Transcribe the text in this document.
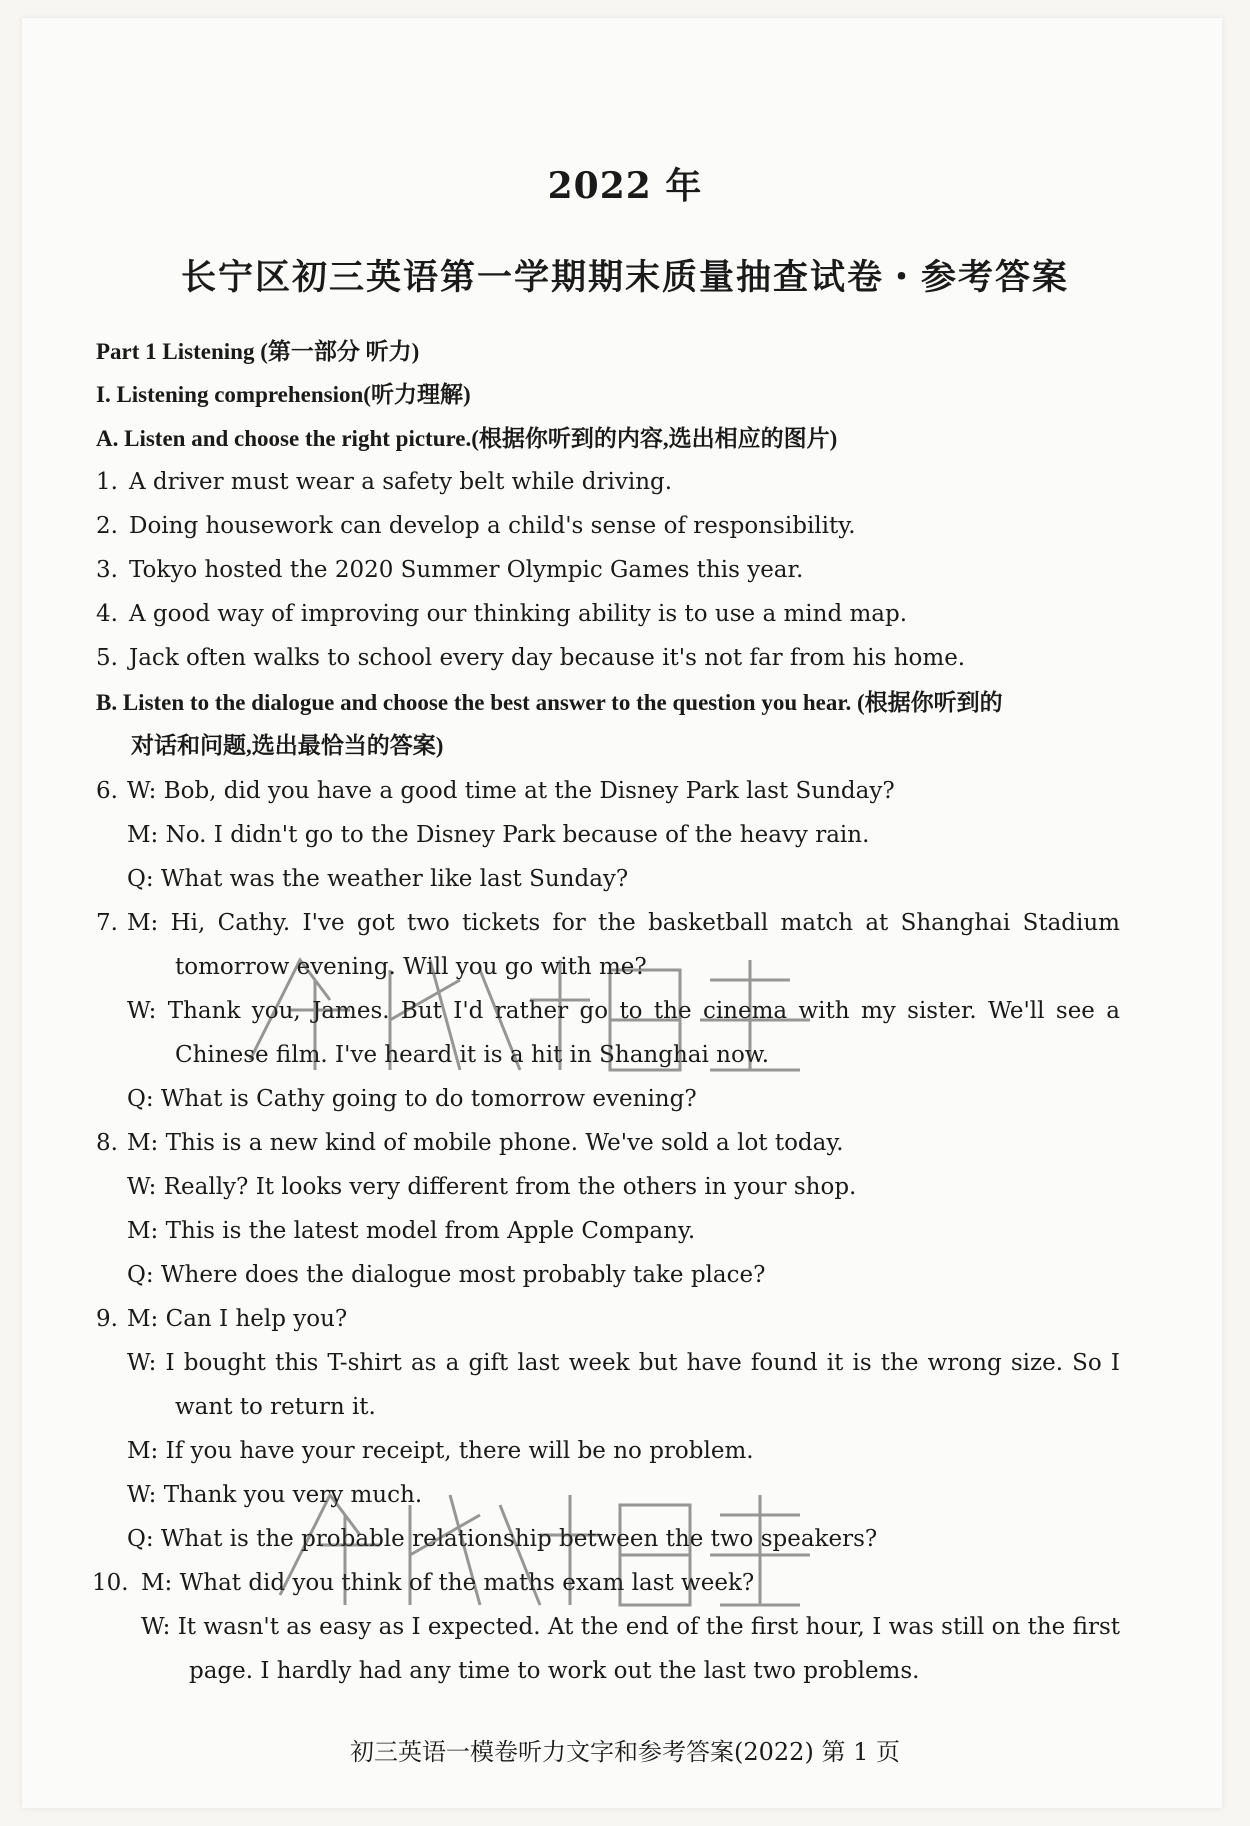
2022 年
长宁区初三英语第一学期期末质量抽查试卷・参考答案
Part 1 Listening (第一部分 听力)
I. Listening comprehension(听力理解)
A. Listen and choose the right picture.(根据你听到的内容,选出相应的图片)
1. A driver must wear a safety belt while driving.
2. Doing housework can develop a child's sense of responsibility.
3. Tokyo hosted the 2020 Summer Olympic Games this year.
4. A good way of improving our thinking ability is to use a mind map.
5. Jack often walks to school every day because it's not far from his home.
B. Listen to the dialogue and choose the best answer to the question you hear. (根据你听到的
对话和问题,选出最恰当的答案)
6. W: Bob, did you have a good time at the Disney Park last Sunday?
M: No. I didn't go to the Disney Park because of the heavy rain.
Q: What was the weather like last Sunday?
7. M: Hi, Cathy. I've got two tickets for the basketball match at Shanghai Stadium
tomorrow evening. Will you go with me?
W: Thank you, James. But I'd rather go to the cinema with my sister. We'll see a
Chinese film. I've heard it is a hit in Shanghai now.
Q: What is Cathy going to do tomorrow evening?
8. M: This is a new kind of mobile phone. We've sold a lot today.
W: Really? It looks very different from the others in your shop.
M: This is the latest model from Apple Company.
Q: Where does the dialogue most probably take place?
9. M: Can I help you?
W: I bought this T-shirt as a gift last week but have found it is the wrong size. So I
want to return it.
M: If you have your receipt, there will be no problem.
W: Thank you very much.
Q: What is the probable relationship between the two speakers?
10. M: What did you think of the maths exam last week?
W: It wasn't as easy as I expected. At the end of the first hour, I was still on the first
page. I hardly had any time to work out the last two problems.
初三英语一模卷听力文字和参考答案(2022) 第 1 页
